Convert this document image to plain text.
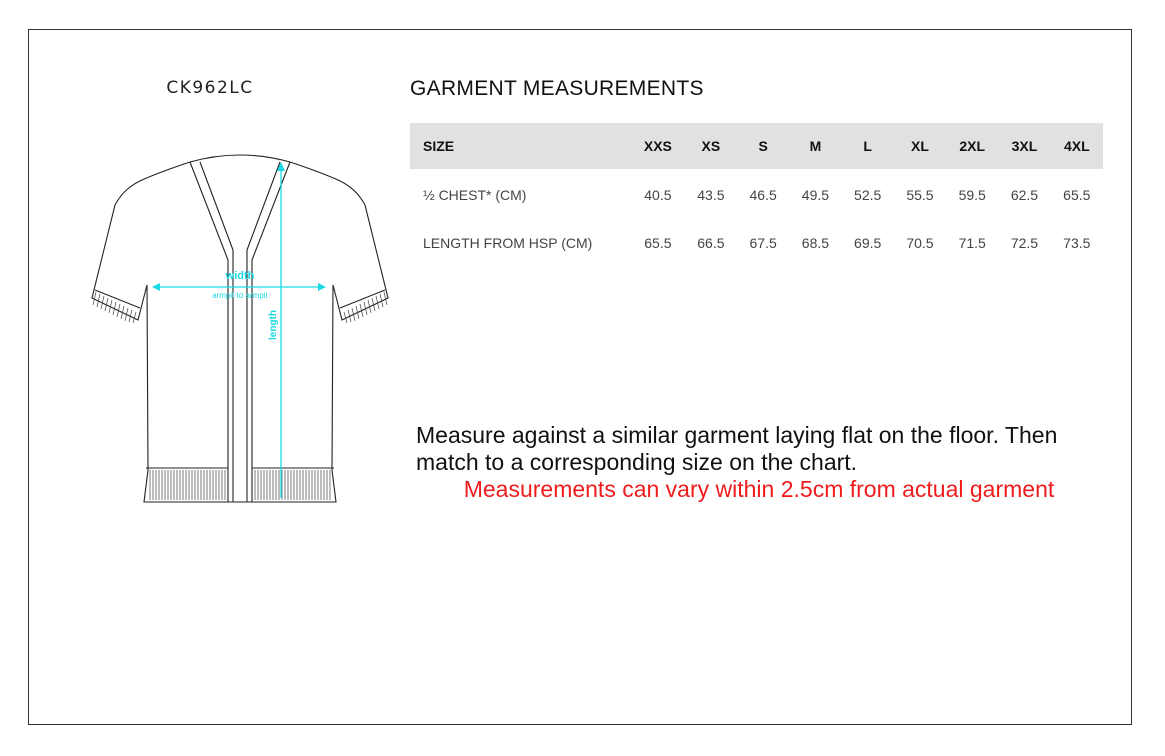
CK962LC
width
armpit to armpit
length
GARMENT MEASUREMENTS
SIZE	XXS	XS	S	M	L	XL	2XL	3XL	4XL
½ CHEST* (CM)	40.5	43.5	46.5	49.5	52.5	55.5	59.5	62.5	65.5
LENGTH FROM HSP (CM)	65.5	66.5	67.5	68.5	69.5	70.5	71.5	72.5	73.5
Measure against a similar garment laying flat on the floor. Then
match to a corresponding size on the chart.
Measurements can vary within 2.5cm from actual garment
